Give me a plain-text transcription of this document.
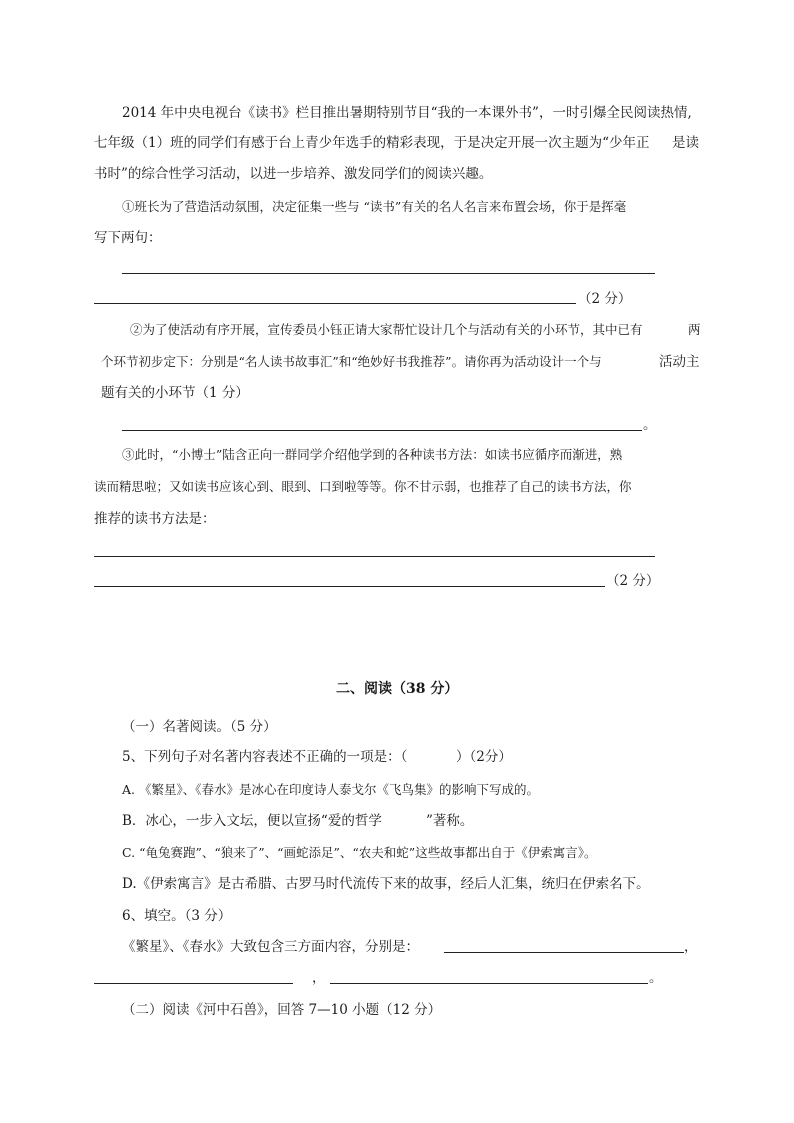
2014 年中央电视台《读书》栏目推出暑期特别节目“我的一本课外书”，一时引爆全民阅读热情,
七年级（1）班的同学们有感于台上青少年选手的精彩表现，于是决定开展一次主题为“少年正 是读
书时”的综合性学习活动，以进一步培养、激发同学们的阅读兴趣。
①班长为了营造活动氛围，决定征集一些与 “读书”有关的名人名言来布置会场，你于是挥毫
写下两句：
（2 分）
②为了使活动有序开展，宣传委员小钰正请大家帮忙设计几个与活动有关的小环节，其中已有	两
个环节初步定下：分别是“名人读书故事汇”和“绝妙好书我推荐”。请你再为活动设计一个与	活动主
题有关的小环节（1 分）
。
③此时，“小博士”陆含正向一群同学介绍他学到的各种读书方法：如读书应循序而渐进，熟
读而精思啦；又如读书应该心到、眼到、口到啦等等。你不甘示弱，也推荐了自己的读书方法，你
推荐的读书方法是：
（2 分）
二、阅读（38 分）
（一）名著阅读。（5 分）
5、下列句子对名著内容表述不正确的一项是：（	）（2分）
A. 《繁星》、《春水》是冰心在印度诗人泰戈尔《飞鸟集》的影响下写成的。
B．冰心，一步入文坛，便以宣扬“爱的哲学	”著称。
C. “龟兔赛跑”、“狼来了”、“画蛇添足”、“农夫和蛇”这些故事都出自于《伊索寓言》。
D.《伊索寓言》是古希腊、古罗马时代流传下来的故事，经后人汇集，统归在伊索名下。
6、填空。（3 分）
《繁星》、《春水》大致包含三方面内容，分别是：	，
，	。
（二）阅读《河中石兽》，回答 7—10 小题（12 分）
